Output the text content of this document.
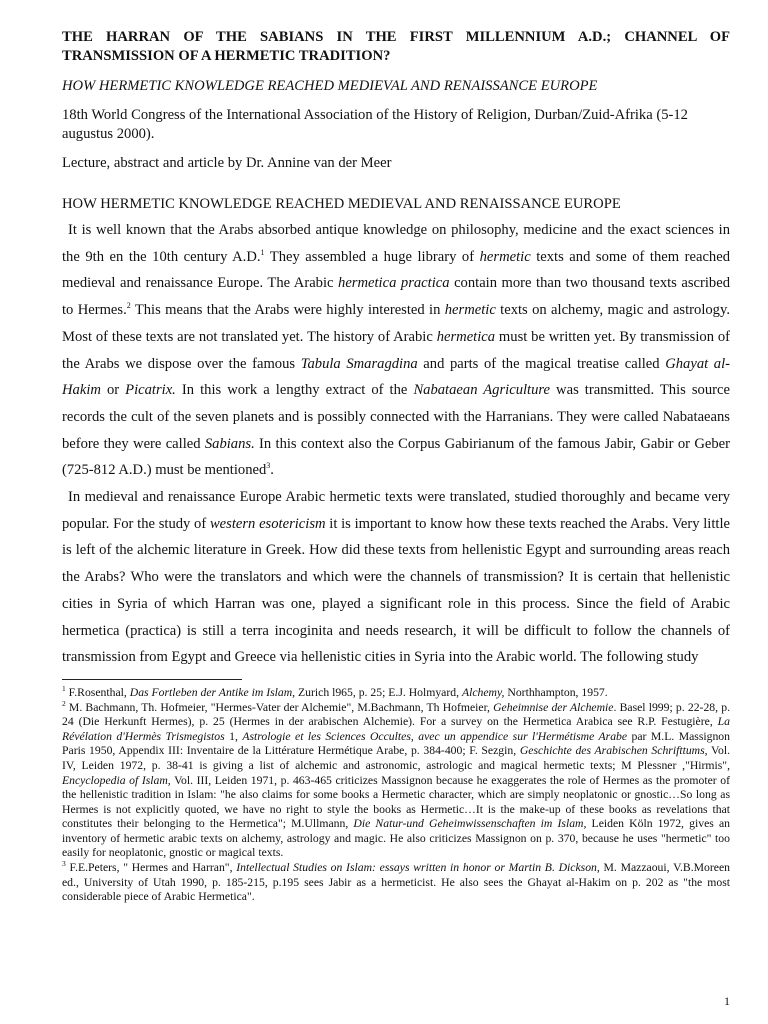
THE HARRAN OF THE SABIANS IN THE FIRST MILLENNIUM A.D.; CHANNEL OF TRANSMISSION OF A HERMETIC TRADITION?
HOW HERMETIC KNOWLEDGE REACHED MEDIEVAL AND RENAISSANCE EUROPE
18th World Congress of the International Association of the History of Religion, Durban/Zuid-Afrika (5-12 augustus 2000).
Lecture, abstract and article by Dr. Annine van der Meer
HOW HERMETIC KNOWLEDGE REACHED MEDIEVAL AND RENAISSANCE EUROPE

It is well known that the Arabs absorbed antique knowledge on philosophy, medicine and the exact sciences in the 9th en the 10th century A.D.$^1$ They assembled a huge library of hermetic texts and some of them reached medieval and renaissance Europe. The Arabic hermetica practica contain more than two thousand texts ascribed to Hermes.$^2$ This means that the Arabs were highly interested in hermetic texts on alchemy, magic and astrology. Most of these texts are not translated yet. The history of Arabic hermetica must be written yet. By transmission of the Arabs we dispose over the famous Tabula Smaragdina and parts of the magical treatise called Ghayat al-Hakim or Picatrix. In this work a lengthy extract of the Nabataean Agriculture was transmitted. This source records the cult of the seven planets and is possibly connected with the Harranians. They were called Nabataeans before they were called Sabians. In this context also the Corpus Gabirianum of the famous Jabir, Gabir or Geber (725-812 A.D.) must be mentioned$^3$.

In medieval and renaissance Europe Arabic hermetic texts were translated, studied thoroughly and became very popular. For the study of western esotericism it is important to know how these texts reached the Arabs. Very little is left of the alchemic literature in Greek. How did these texts from hellenistic Egypt and surrounding areas reach the Arabs? Who were the translators and which were the channels of transmission? It is certain that hellenistic cities in Syria of which Harran was one, played a significant role in this process. Since the field of Arabic hermetica (practica) is still a terra incoginita and needs research, it will be difficult to follow the channels of transmission from Egypt and Greece via hellenistic cities in Syria into the Arabic world. The following study

$^1$ F.Rosenthal, Das Fortleben der Antike im Islam, Zurich l965, p. 25; E.J. Holmyard, Alchemy, Northhampton, 1957.

$^2$ M. Bachmann, Th. Hofmeier, "Hermes-Vater der Alchemie", M.Bachmann, Th Hofmeier, Geheimnise der Alchemie. Basel l999; p. 22-28, p. 24 (Die Herkunft Hermes), p. 25 (Hermes in der arabischen Alchemie). For a survey on the Hermetica Arabica see R.P. Festugière, La Révélation d'Hermès Trismegistos 1, Astrologie et les Sciences Occultes, avec un appendice sur l'Hermétisme Arabe par M.L. Massignon Paris 1950, Appendix III: Inventaire de la Littérature Hermétique Arabe, p. 384-400; F. Sezgin, Geschichte des Arabischen Schrifttums, Vol. IV, Leiden 1972, p. 38-41 is giving a list of alchemic and astronomic, astrologic and magical hermetic texts; M Plessner ,"Hirmis", Encyclopedia of Islam, Vol. III, Leiden 1971, p. 463-465 criticizes Massignon because he exaggerates the role of Hermes as the promoter of the hellenistic tradition in Islam: "he also claims for some books a Hermetic character, which are simply neoplatonic or gnostic…So long as Hermes is not explicitly quoted, we have no right to style the books as Hermetic…It is the make-up of these books as revelations that constitutes their belonging to the Hermetica"; M.Ullmann, Die Natur-und Geheimwissenschaften im Islam, Leiden Köln 1972, gives an inventory of hermetic arabic texts on alchemy, astrology and magic. He also criticizes Massignon on p. 370, because he uses "hermetic" too easily for neoplatonic, gnostic or magical texts.

$^3$ F.E.Peters, " Hermes and Harran", Intellectual Studies on Islam: essays written in honor or Martin B. Dickson, M. Mazzaoui, V.B.Moreen ed., University of Utah 1990, p. 185-215, p.195 sees Jabir as a hermeticist. He also sees the Ghayat al-Hakim on p. 202 as "the most considerable piece of Arabic Hermetica".

1
